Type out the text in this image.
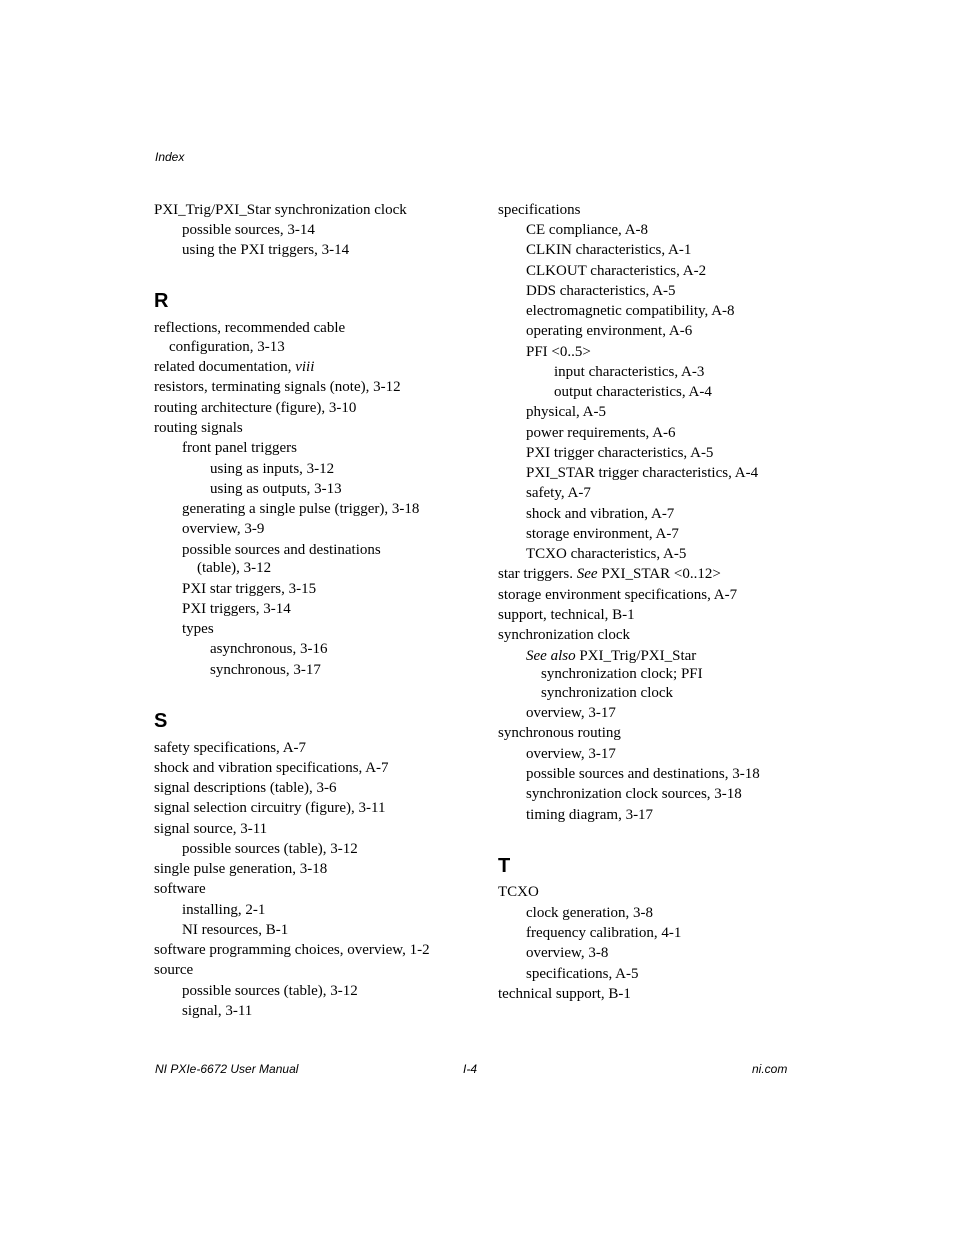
Index
PXI_Trig/PXI_Star synchronization clock
possible sources, 3-14
using the PXI triggers, 3-14
R
reflections, recommended cable
configuration, 3-13
related documentation, viii
resistors, terminating signals (note), 3-12
routing architecture (figure), 3-10
routing signals
front panel triggers
using as inputs, 3-12
using as outputs, 3-13
generating a single pulse (trigger), 3-18
overview, 3-9
possible sources and destinations
(table), 3-12
PXI star triggers, 3-15
PXI triggers, 3-14
types
asynchronous, 3-16
synchronous, 3-17
S
safety specifications, A-7
shock and vibration specifications, A-7
signal descriptions (table), 3-6
signal selection circuitry (figure), 3-11
signal source, 3-11
possible sources (table), 3-12
single pulse generation, 3-18
software
installing, 2-1
NI resources, B-1
software programming choices, overview, 1-2
source
possible sources (table), 3-12
signal, 3-11
specifications
CE compliance, A-8
CLKIN characteristics, A-1
CLKOUT characteristics, A-2
DDS characteristics, A-5
electromagnetic compatibility, A-8
operating environment, A-6
PFI <0..5>
input characteristics, A-3
output characteristics, A-4
physical, A-5
power requirements, A-6
PXI trigger characteristics, A-5
PXI_STAR trigger characteristics, A-4
safety, A-7
shock and vibration, A-7
storage environment, A-7
TCXO characteristics, A-5
star triggers. See PXI_STAR <0..12>
storage environment specifications, A-7
support, technical, B-1
synchronization clock
See also PXI_Trig/PXI_Star
synchronization clock; PFI
synchronization clock
overview, 3-17
synchronous routing
overview, 3-17
possible sources and destinations, 3-18
synchronization clock sources, 3-18
timing diagram, 3-17
T
TCXO
clock generation, 3-8
frequency calibration, 4-1
overview, 3-8
specifications, A-5
technical support, B-1
NI PXIe-6672 User Manual	I-4	ni.com
